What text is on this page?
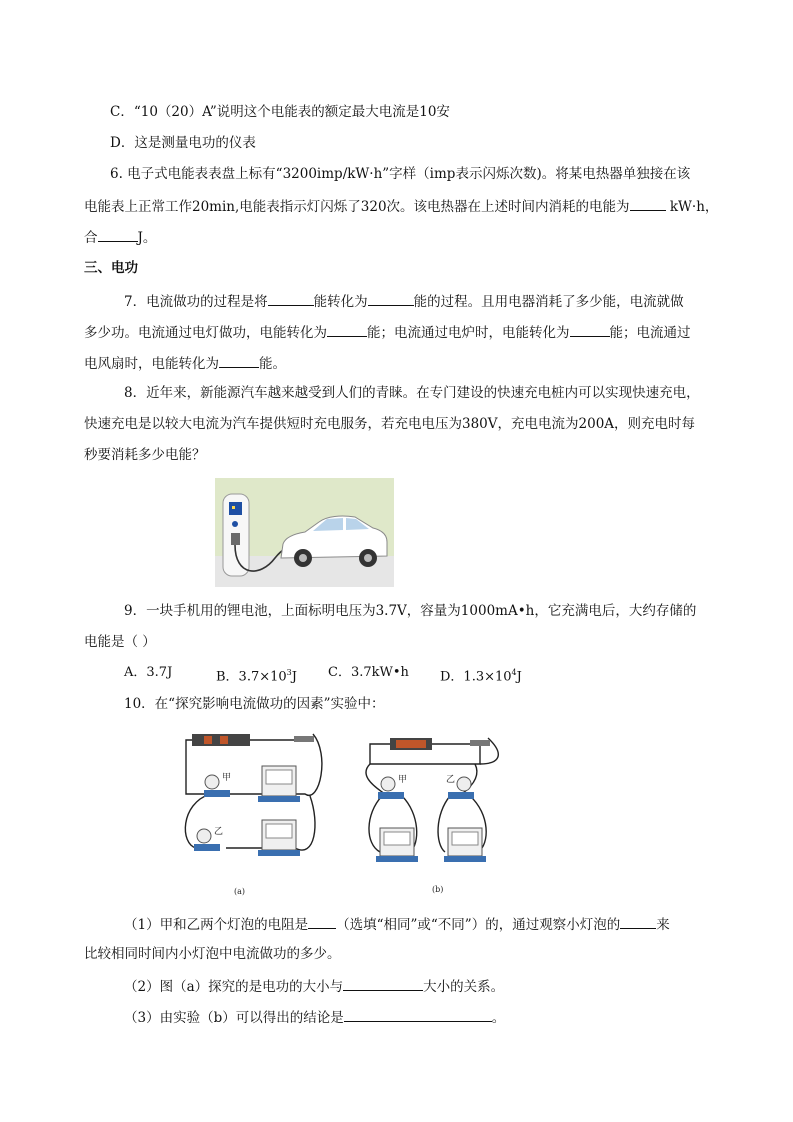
C．“10（20）A”说明这个电能表的额定最大电流是10安
D．这是测量电功的仪表
6. 电子式电能表表盘上标有“3200imp/kW·h”字样（imp表示闪烁次数)。将某电热器单独接在该
电能表上正常工作20min,电能表指示灯闪烁了320次。该电热器在上述时间内消耗的电能为	kW·h，
合	J。
三、电功
7．电流做功的过程是将	能转化为	能的过程。且用电器消耗了多少能，电流就做
多少功。电流通过电灯做功，电能转化为	能；电流通过电炉时，电能转化为	能；电流通过
电风扇时，电能转化为	能。
8．近年来，新能源汽车越来越受到人们的青睐。在专门建设的快速充电桩内可以实现快速充电，
快速充电是以较大电流为汽车提供短时充电服务，若充电电压为380V，充电电流为200A，则充电时每
秒要消耗多少电能？
9．一块手机用的锂电池，上面标明电压为3.7V，容量为1000mA•h，它充满电后，大约存储的
电能是（ ）
A．3.7J	B．$3.7\times 10^3J$ C．3.7kW•h D．$1.3\times 10^4J$
10．在“探究影响电流做功的因素”实验中：
甲
乙
(a)
甲	乙
(b)
（1）甲和乙两个灯泡的电阻是 （选填“相同”或“不同”）的，通过观察小灯泡的	来
比较相同时间内小灯泡中电流做功的多少。
（2）图（a）探究的是电功的大小与	大小的关系。
（3）由实验（b）可以得出的结论是	。
